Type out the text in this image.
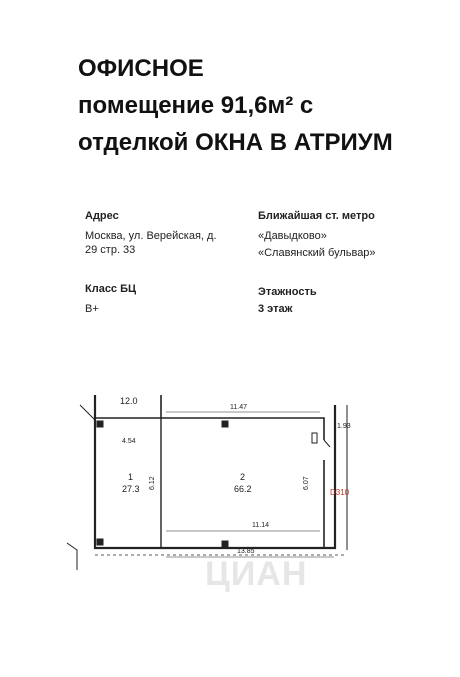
ОФИСНОЕ
помещение 91,6м² с
отделкой ОКНА В АТРИУМ
Адрес
Москва, ул. Верейская, д.
29 стр. 33
Ближайшая ст. метро
«Давыдково»
«Славянский бульвар»
Класс БЦ
B+
Этажность
3 этаж
ЦИАН
12.0
11.47
1.93
4.54
1
27.3 6.12	2
66.2	6.07
D310
11.14
13.85
